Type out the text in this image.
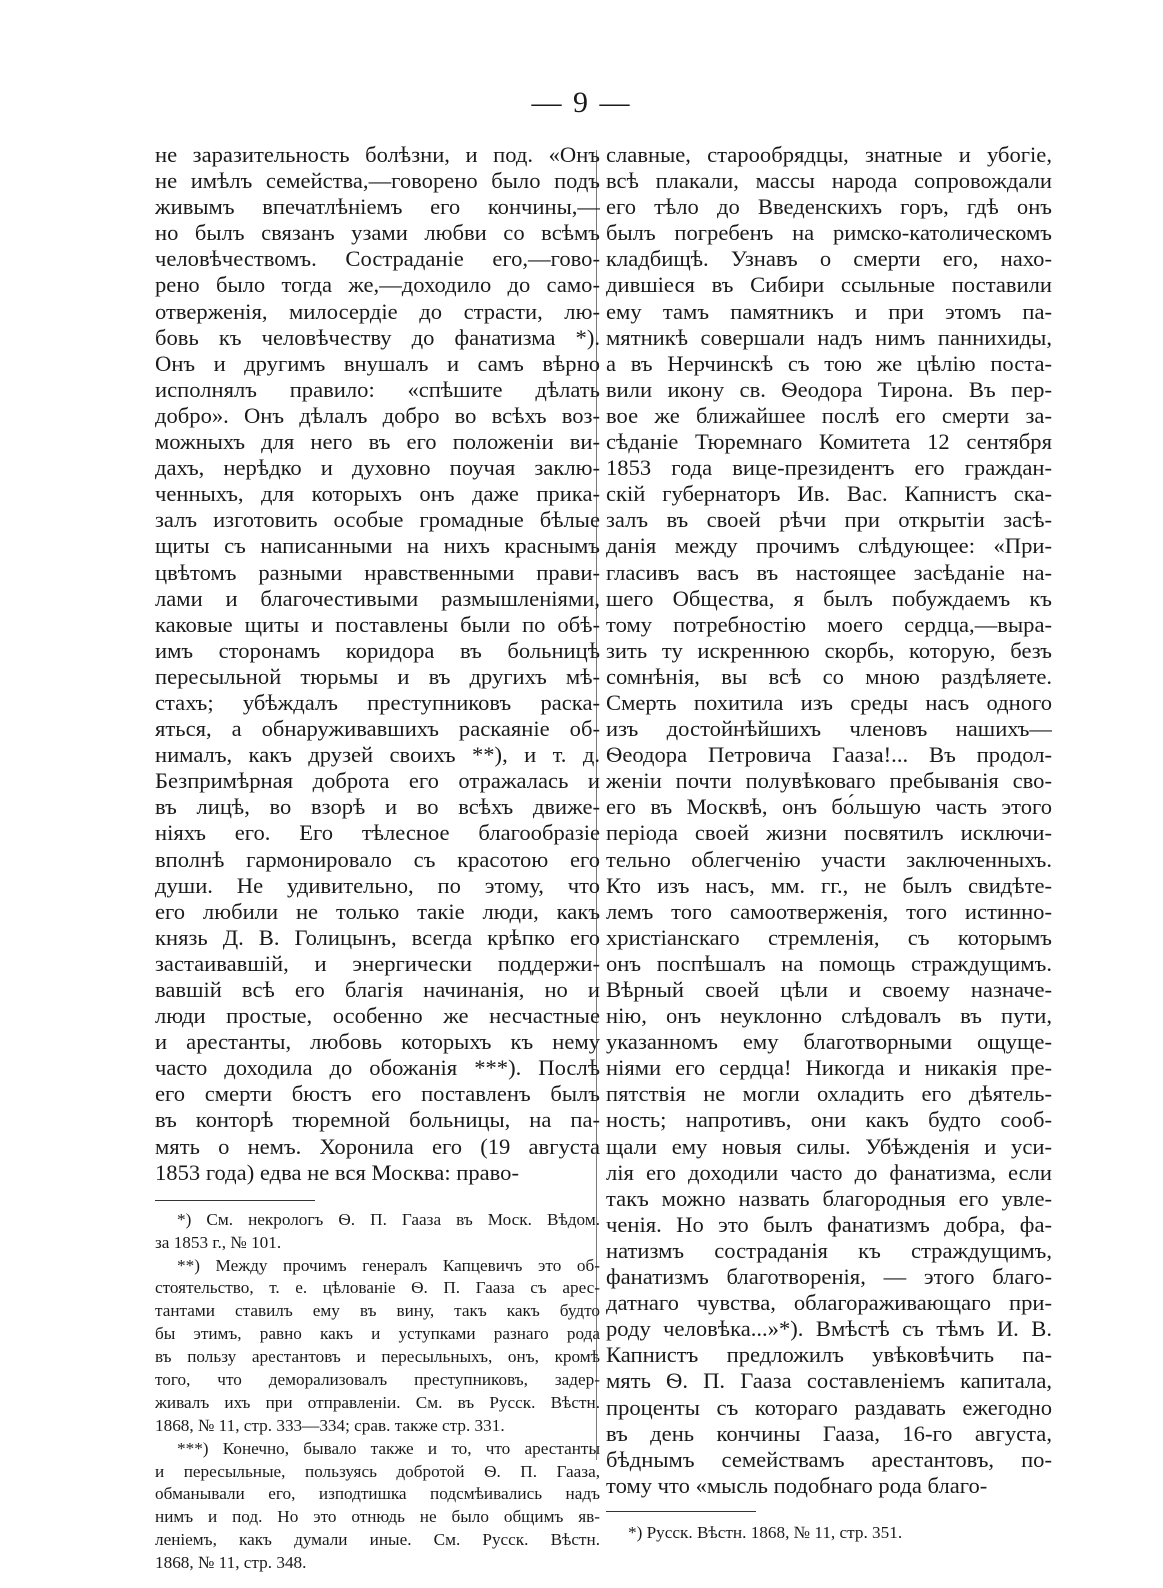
— 9 —
не заразительность болѣзни, и под. «Онъ
не имѣлъ семейства,—говорено было подъ
живымъ впечатлѣніемъ его кончины,—
но былъ связанъ узами любви со всѣмъ
человѣчествомъ. Состраданіе его,—гово-
рено было тогда же,—доходило до само-
отверженія, милосердіе до страсти, лю-
бовь къ человѣчеству до фанатизма *).
Онъ и другимъ внушалъ и самъ вѣрно
исполнялъ правило: «спѣшите дѣлать
добро». Онъ дѣлалъ добро во всѣхъ воз-
можныхъ для него въ его положеніи ви-
дахъ, нерѣдко и духовно поучая заклю-
ченныхъ, для которыхъ онъ даже прика-
залъ изготовить особые громадные бѣлые
щиты съ написанными на нихъ краснымъ
цвѣтомъ разными нравственными прави-
лами и благочестивыми размышленіями,
каковые щиты и поставлены были по обѣ-
имъ сторонамъ коридора въ больницѣ
пересыльной тюрьмы и въ другихъ мѣ-
стахъ; убѣждалъ преступниковъ раска-
яться, а обнаруживавшихъ раскаяніе об-
нималъ, какъ друзей своихъ **), и т. д.
Безпримѣрная доброта его отражалась и
въ лицѣ, во взорѣ и во всѣхъ движе-
ніяхъ его. Его тѣлесное благообразіе
вполнѣ гармонировало съ красотою его
души. Не удивительно, по этому, что
его любили не только такіе люди, какъ
князь Д. В. Голицынъ, всегда крѣпко его
застаивавшій, и энергически поддержи-
вавшій всѣ его благія начинанія, но и
люди простые, особенно же несчастные
и арестанты, любовь которыхъ къ нему
часто доходила до обожанія ***). Послѣ
его смерти бюстъ его поставленъ былъ
въ конторѣ тюремной больницы, на па-
мять о немъ. Хоронила его (19 августа
1853 года) едва не вся Москва: право-
*) См. некрологъ Ѳ. П. Гааза въ Моск. Вѣдом.
за 1853 г., № 101.
**) Между прочимъ генералъ Капцевичъ это об-
стоятельство, т. е. цѣлованіе Ѳ. П. Гааза съ арес-
тантами ставилъ ему въ вину, такъ какъ будто
бы этимъ, равно какъ и уступками разнаго рода
въ пользу арестантовъ и пересыльныхъ, онъ, кромѣ
того, что деморализовалъ преступниковъ, задер-
живалъ ихъ при отправленіи. См. въ Русск. Вѣстн.
1868, № 11, стр. 333—334; срав. также стр. 331.
***) Конечно, бывало также и то, что арестанты
и пересыльные, пользуясь добротой Ѳ. П. Гааза,
обманывали его, изподтишка подсмѣивались надъ
нимъ и под. Но это отнюдь не было общимъ яв-
леніемъ, какъ думали иные. См. Русск. Вѣстн.
1868, № 11, стр. 348.
славные, старообрядцы, знатные и убогіе,
всѣ плакали, массы народа сопровождали
его тѣло до Введенскихъ горъ, гдѣ онъ
былъ погребенъ на римско-католическомъ
кладбищѣ. Узнавъ о смерти его, нахо-
дившіеся въ Сибири ссыльные поставили
ему тамъ памятникъ и при этомъ па-
мятникѣ совершали надъ нимъ паннихиды,
а въ Нерчинскѣ съ тою же цѣлію поста-
вили икону св. Ѳеодора Тирона. Въ пер-
вое же ближайшее послѣ его смерти за-
сѣданіе Тюремнаго Комитета 12 сентября
1853 года вице-президентъ его граждан-
скій губернаторъ Ив. Вас. Капнистъ ска-
залъ въ своей рѣчи при открытіи засѣ-
данія между прочимъ слѣдующее: «При-
гласивъ васъ въ настоящее засѣданіе на-
шего Общества, я былъ побуждаемъ къ
тому потребностію моего сердца,—выра-
зить ту искреннюю скорбь, которую, безъ
сомнѣнія, вы всѣ со мною раздѣляете.
Смерть похитила изъ среды насъ одного
изъ достойнѣйшихъ членовъ нашихъ—
Ѳеодора Петровича Гааза!... Въ продол-
женіи почти полувѣковаго пребыванія сво-
его въ Москвѣ, онъ бо́льшую часть этого
періода своей жизни посвятилъ исключи-
тельно облегченію участи заключенныхъ.
Кто изъ насъ, мм. гг., не былъ свидѣте-
лемъ того самоотверженія, того истинно-
христіанскаго стремленія, съ которымъ
онъ поспѣшалъ на помощь страждущимъ.
Вѣрный своей цѣли и своему назначе-
нію, онъ неуклонно слѣдовалъ въ пути,
указанномъ ему благотворными ощуще-
ніями его сердца! Никогда и никакія пре-
пятствія не могли охладить его дѣятель-
ность; напротивъ, они какъ будто сооб-
щали ему новыя силы. Убѣжденія и уси-
лія его доходили часто до фанатизма, если
такъ можно назвать благородныя его увле-
ченія. Но это былъ фанатизмъ добра, фа-
натизмъ состраданія къ страждущимъ,
фанатизмъ благотворенія, — этого благо-
датнаго чувства, облагораживающаго при-
роду человѣка...»*). Вмѣстѣ съ тѣмъ И. В.
Капнистъ предложилъ увѣковѣчить па-
мять Ѳ. П. Гааза составленіемъ капитала,
проценты съ котораго раздавать ежегодно
въ день кончины Гааза, 16-го августа,
бѣднымъ семействамъ арестантовъ, по-
тому что «мысль подобнаго рода благо-
*) Русск. Вѣстн. 1868, № 11, стр. 351.
